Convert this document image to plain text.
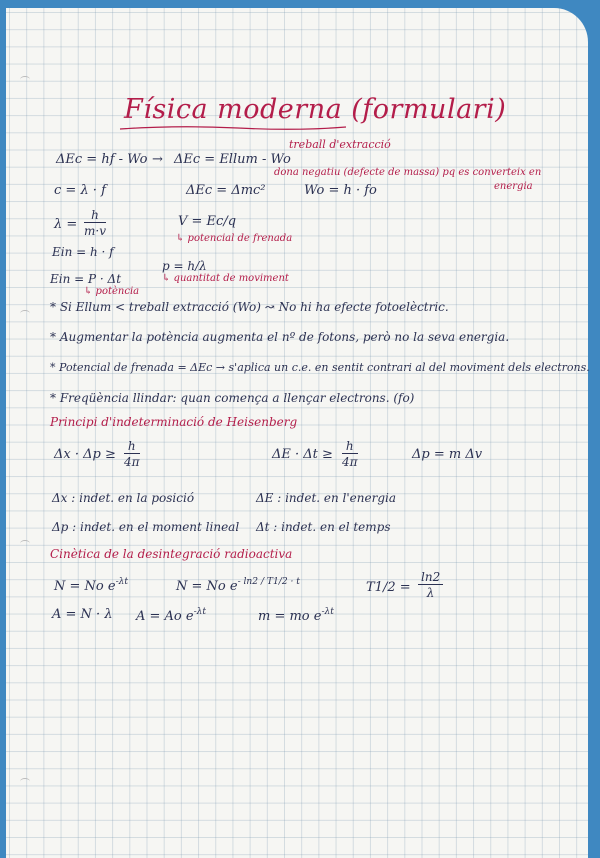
Física moderna (formulari)
treball d'extracció
ΔEc = hf - Wo → ΔEc = Ellum - Wo
dona negatiu (defecte de massa) pq es converteix en
energia
c = λ · f	ΔEc = Δmc²	Wo = h · fo
$\lambda = \frac{h}{m\cdot v}$	V = Ec/q
↳ potencial de frenada
Ein = h · f
p = h/λ
Ein = P · Δt	↳ quantitat de moviment
↳ potència
* Si Ellum < treball extracció (Wo) ↝ No hi ha efecte fotoelèctric.
* Augmentar la potència augmenta el nº de fotons, però no la seva energia.
* Potencial de frenada = ΔEc → s'aplica un c.e. en sentit contrari al del moviment dels electrons.
* Freqüència llindar: quan comença a llençar electrons. (fo)
Principi d'indeterminació de Heisenberg
$\Delta x \cdot \Delta p \ge \frac{h}{4\pi}$	$\Delta E \cdot \Delta t \ge \frac{h}{4\pi}$	Δp = m Δv
Δx : indet. en la posició	ΔE : indet. en l'energia
Δp : indet. en el moment lineal Δt : indet. en el temps
Cinètica de la desintegració radioactiva
N = No $e^{-\lambda t}$	N = No $e^{- ln2 / T1/2 \cdot t}$	$T1/2 = \frac{\ln 2}{\lambda}$
A = N · λ A = Ao $e^{-\lambda t}$	m = mo $e^{-\lambda t}$
